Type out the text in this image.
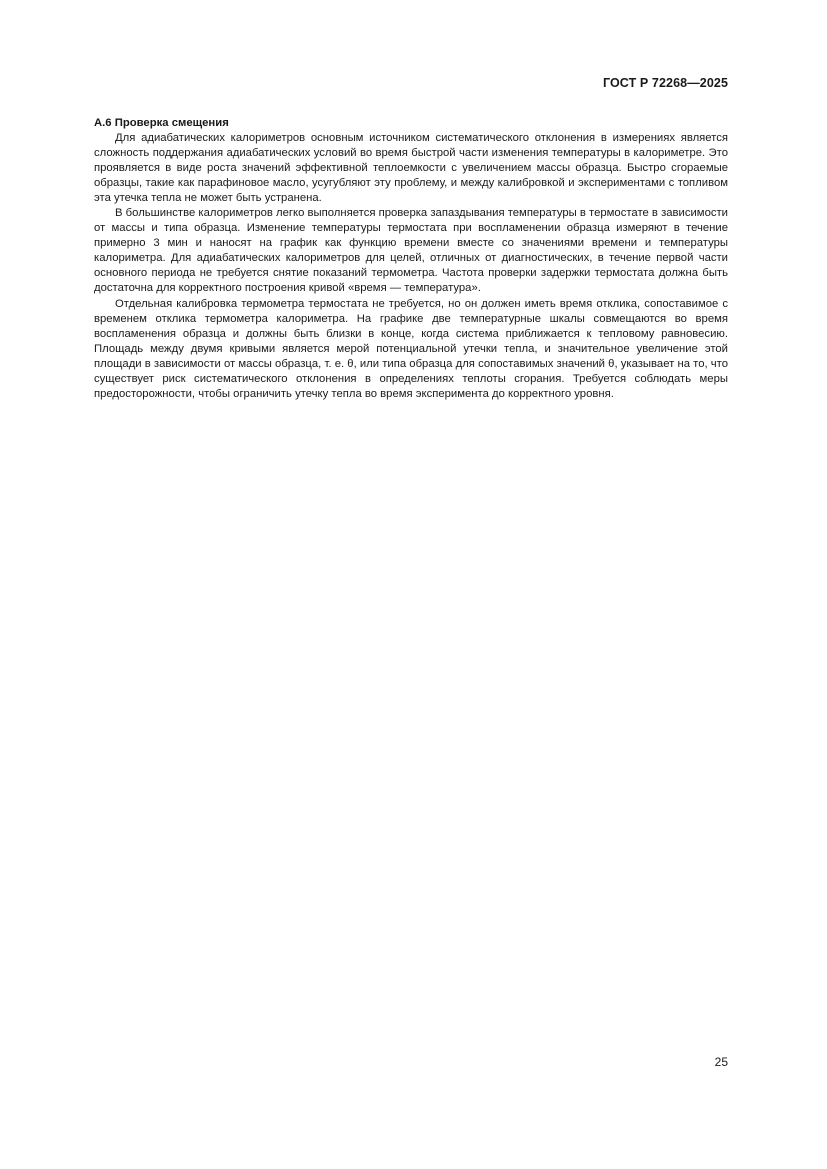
ГОСТ Р 72268—2025
А.6 Проверка смещения

Для адиабатических калориметров основным источником систематического отклонения в измерениях является сложность поддержания адиабатических условий во время быстрой части изменения температуры в калориметре. Это проявляется в виде роста значений эффективной теплоемкости с увеличением массы образца. Быстро сгораемые образцы, такие как парафиновое масло, усугубляют эту проблему, и между калибровкой и экспериментами с топливом эта утечка тепла не может быть устранена.

В большинстве калориметров легко выполняется проверка запаздывания температуры в термостате в зависимости от массы и типа образца. Изменение температуры термостата при воспламенении образца измеряют в течение примерно 3 мин и наносят на график как функцию времени вместе со значениями времени и температуры калориметра. Для адиабатических калориметров для целей, отличных от диагностических, в течение первой части основного периода не требуется снятие показаний термометра. Частота проверки задержки термостата должна быть достаточна для корректного построения кривой «время — температура».

Отдельная калибровка термометра термостата не требуется, но он должен иметь время отклика, сопоставимое с временем отклика термометра калориметра. На графике две температурные шкалы совмещаются во время воспламенения образца и должны быть близки в конце, когда система приближается к тепловому равновесию. Площадь между двумя кривыми является мерой потенциальной утечки тепла, и значительное увеличение этой площади в зависимости от массы образца, т. е. θ, или типа образца для сопоставимых значений θ, указывает на то, что существует риск систематического отклонения в определениях теплоты сгорания. Требуется соблюдать меры предосторожности, чтобы ограничить утечку тепла во время эксперимента до корректного уровня.

25
